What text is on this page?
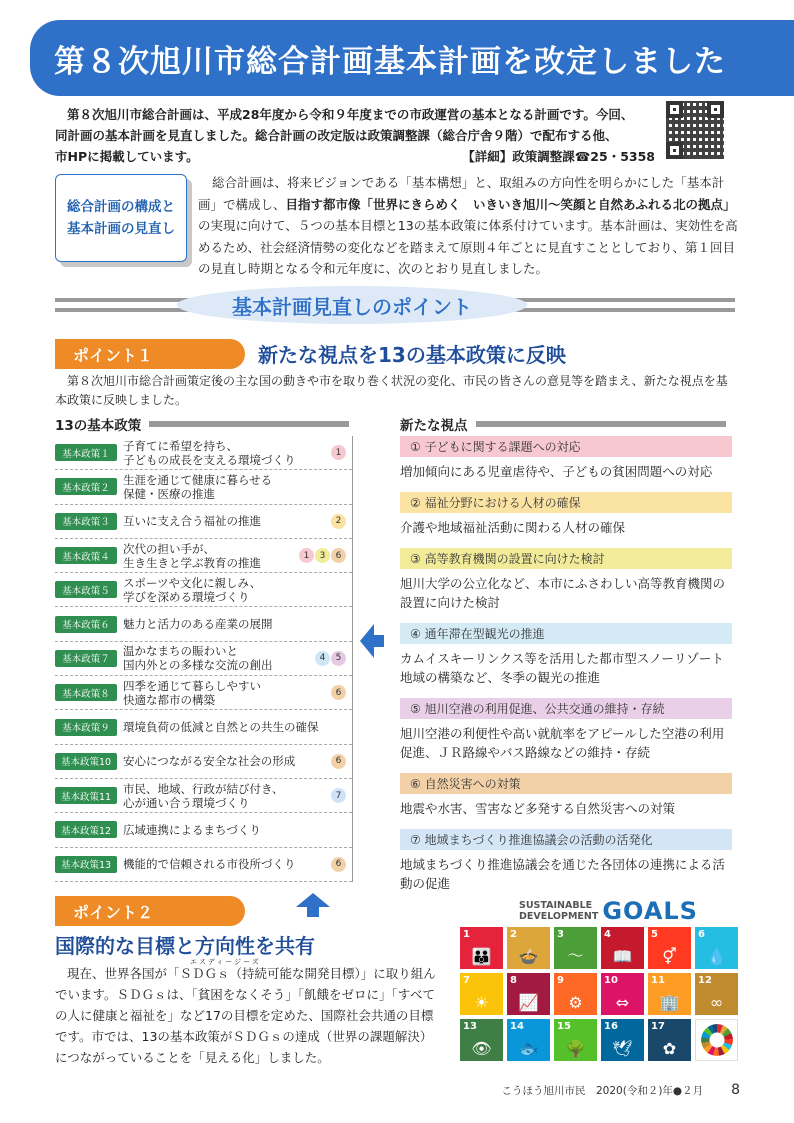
第８次旭川市総合計画基本計画を改定しました

第８次旭川市総合計画は、平成28年度から令和９年度までの市政運営の基本となる計画です。今回、

同計画の基本計画を見直しました。総合計画の改定版は政策調整課（総合庁舎９階）で配布する他、
市HPに掲載しています。	【詳細】政策調整課☎25・5358
総合計画の構成と
基本計画の見直し
総合計画は、将来ビジョンである「基本構想」と、取組みの方向性を明らかにした「基本計画」で構成し、目指す都市像「世界にきらめく　いきいき旭川～笑顔と自然あふれる北の拠点」の実現に向けて、５つの基本目標と13の基本政策に体系付けています。基本計画は、実効性を高めるため、社会経済情勢の変化などを踏まえて原則４年ごとに見直すこととしており、第１回目の見直し時期となる令和元年度に、次のとおり見直しました。
基本計画見直しのポイント
ポイント１	新たな視点を13の基本政策に反映
第８次旭川市総合計画策定後の主な国の動きや市を取り巻く状況の変化、市民の皆さんの意見等を踏まえ、新たな視点を基本政策に反映しました。
13の基本政策	新たな視点
基本政策１
子育てに希望を持ち、
子どもの成長を支える環境づくり	1
基本政策２
生涯を通じて健康に暮らせる
保健・医療の推進
基本政策３	互いに支え合う福祉の推進	2
基本政策４
次代の担い手が、
生き生きと学ぶ教育の推進	1	3	6
基本政策５
スポーツや文化に親しみ、
学びを深める環境づくり
基本政策６	魅力と活力のある産業の展開
基本政策７
温かなまちの賑わいと
国内外との多様な交流の創出	4	5
基本政策８
四季を通じて暮らしやすい
快適な都市の構築	6
基本政策９	環境負荷の低減と自然との共生の確保
基本政策10	安心につながる安全な社会の形成	6
基本政策11
市民、地域、行政が結び付き、
心が通い合う環境づくり	7
基本政策12	広域連携によるまちづくり
基本政策13	機能的で信頼される市役所づくり	6
① 子どもに関する課題への対応
増加傾向にある児童虐待や、子どもの貧困問題への対応
② 福祉分野における人材の確保
介護や地域福祉活動に関わる人材の確保
③ 高等教育機関の設置に向けた検討
旭川大学の公立化など、本市にふさわしい高等教育機関の設置に向けた検討
④ 通年滞在型観光の推進
カムイスキーリンクス等を活用した都市型スノーリゾート地域の構築など、冬季の観光の推進
⑤ 旭川空港の利用促進、公共交通の維持・存続
旭川空港の利便性や高い就航率をアピールした空港の利用促進、ＪＲ路線やバス路線などの維持・存続
⑥ 自然災害への対策
地震や水害、雪害など多発する自然災害への対策
⑦ 地域まちづくり推進協議会の活動の活発化
地域まちづくり推進協議会を通じた各団体の連携による活動の促進
ポイント２
国際的な目標と方向性を共有
エスディージーズ
現在、世界各国が「ＳＤＧｓ（持続可能な開発目標）」に取り組んでいます。ＳＤＧｓは、「貧困をなくそう」「飢餓をゼロに」「すべての人に健康と福祉を」など17の目標を定めた、国際社会共通の目標です。市では、13の基本政策がＳＤＧｓの達成（世界の課題解決）につながっていることを「見える化」しました。
SUSTAINABLE
DEVELOPMENT GOALS
1
👪
2
🍲
3
〜
4
📖
5
⚥
6
💧
7
☀
8
📈
9
⚙
10
⇔
11
🏢
12
∞
13
👁
14
🐟
15
🌳
16
🕊
17
✿
こうほう旭川市民　2020(令和２)年●２月 8
